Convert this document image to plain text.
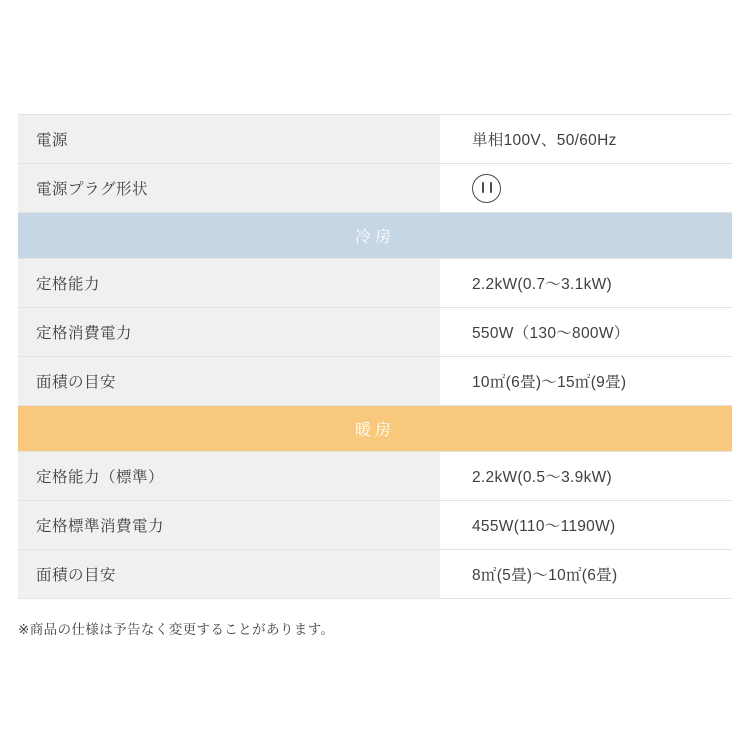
電源	単相100V、50/60Hz
電源プラグ形状	
冷房	
定格能力	2.2kW(0.7〜3.1kW)
定格消費電力	550W（130〜800W）
面積の目安	10㎡(6畳)〜15㎡(9畳)
暖房	
定格能力（標準）	2.2kW(0.5〜3.9kW)
定格標準消費電力	455W(110〜1190W)
面積の目安	8㎡(5畳)〜10㎡(6畳)
※商品の仕様は予告なく変更することがあります。
